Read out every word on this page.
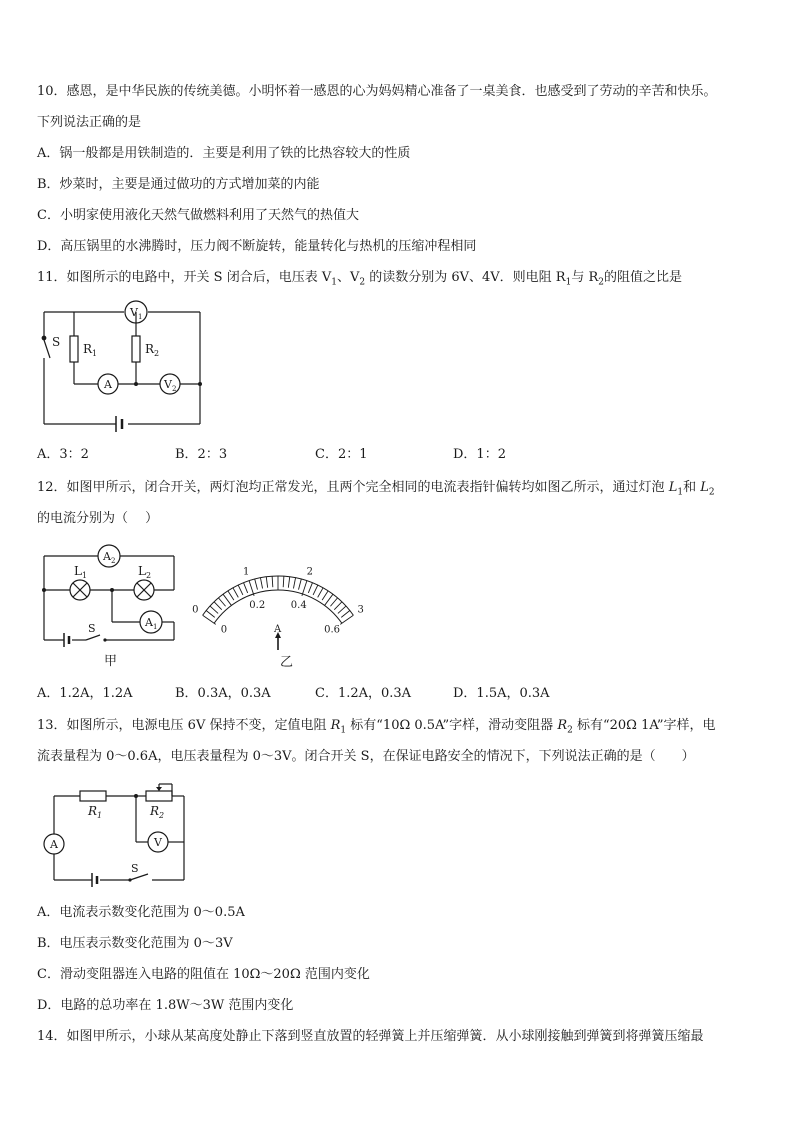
10．感恩，是中华民族的传统美德。小明怀着一感恩的心为妈妈精心准备了一桌美食．也感受到了劳动的辛苦和快乐。
下列说法正确的是
A．锅一般都是用铁制造的．主要是利用了铁的比热容较大的性质
B．炒菜时，主要是通过做功的方式增加菜的内能
C．小明家使用液化天然气做燃料利用了天然气的热值大
D．高压锅里的水沸腾时，压力阀不断旋转，能量转化与热机的压缩冲程相同
11．如图所示的电路中，开关 S 闭合后，电压表 $V_1$、$V_2$ 的读数分别为 6V、4V．则电阻 $R_1$与 $R_2$的阻值之比是
$V_1$
A	$V_2$
S $R_1$	$R_2$
A．3：2	B．2：3	C．2：1	D．1：2
12．如图甲所示，闭合开关，两灯泡均正常发光，且两个完全相同的电流表指针偏转均如图乙所示，通过灯泡 $L_1$和 $L_2$
的电流分别为（　 ）
$A_2$
$A_1$
$L_1$	$L_2$
S
甲
0
1	2
3
0
0.2	0.4
0.6
A
乙
A．1.2A，1.2A	B．0.3A，0.3A	C．1.2A，0.3A	D．1.5A，0.3A
13．如图所示，电源电压 6V 保持不变，定值电阻 $R_1$ 标有“10Ω 0.5A”字样，滑动变阻器 $R_2$ 标有“20Ω 1A”字样，电
流表量程为 0～0.6A，电压表量程为 0～3V。闭合开关 S，在保证电路安全的情况下，下列说法正确的是（　　）
A	V
S
$R_1$	$R_2$
A．电流表示数变化范围为 0～0.5A
B．电压表示数变化范围为 0～3V
C．滑动变阻器连入电路的阻值在 10Ω～20Ω 范围内变化
D．电路的总功率在 1.8W～3W 范围内变化
14．如图甲所示，小球从某高度处静止下落到竖直放置的轻弹簧上并压缩弹簧．从小球刚接触到弹簧到将弹簧压缩最
